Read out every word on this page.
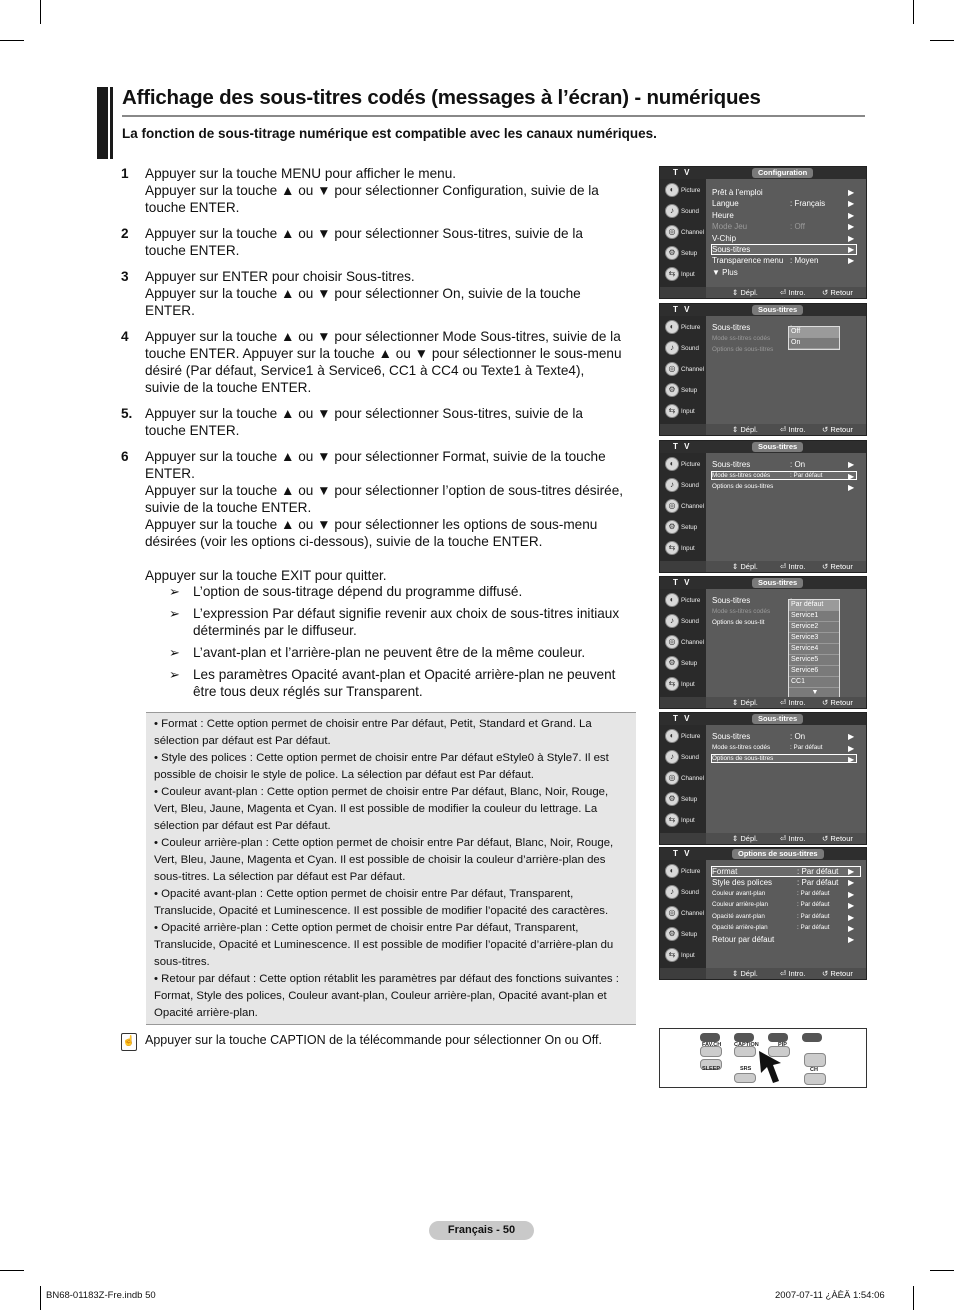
Affichage des sous-titres codés (messages à l’écran) - numériques
La fonction de sous-titrage numérique est compatible avec les canaux numériques.
1 Appuyer sur la touche MENU pour afficher le menu.
Appuyer sur la touche ▲ ou ▼ pour sélectionner Configuration, suivie de la
touche ENTER.
2 Appuyer sur la touche ▲ ou ▼ pour sélectionner Sous-titres, suivie de la
touche ENTER.
3 Appuyer sur ENTER pour choisir Sous-titres.
Appuyer sur la touche ▲ ou ▼ pour sélectionner On, suivie de la touche
ENTER.
4 Appuyer sur la touche ▲ ou ▼ pour sélectionner Mode Sous-titres, suivie de la
touche ENTER. Appuyer sur la touche ▲ ou ▼ pour sélectionner le sous-menu
désiré (Par défaut, Service1 à Service6, CC1 à CC4 ou Texte1 à Texte4),
suivie de la touche ENTER.
5. Appuyer sur la touche ▲ ou ▼ pour sélectionner Sous-titres, suivie de la
touche ENTER.
6 Appuyer sur la touche ▲ ou ▼ pour sélectionner Format, suivie de la touche
ENTER.
Appuyer sur la touche ▲ ou ▼ pour sélectionner l’option de sous-titres désirée,
suivie de la touche ENTER.
Appuyer sur la touche ▲ ou ▼ pour sélectionner les options de sous-menu
désirées (voir les options ci-dessous), suivie de la touche ENTER.

Appuyer sur la touche EXIT pour quitter.
➢ L’option de sous-titrage dépend du programme diffusé.
➢ L’expression Par défaut signifie revenir aux choix de sous-titres initiaux déterminés par le diffuseur.
➢ L’avant-plan et l’arrière-plan ne peuvent être de la même couleur.
➢ Les paramètres Opacité avant-plan et Opacité arrière-plan ne peuvent être tous deux réglés sur Transparent.

• Format : Cette option permet de choisir entre Par défaut, Petit, Standard et Grand. La sélection par défaut est Par défaut.

• Style des polices : Cette option permet de choisir entre Par défaut eStyle0 à Style7. Il est possible de choisir le style de police. La sélection par défaut est Par défaut.

• Couleur avant-plan : Cette option permet de choisir entre Par défaut, Blanc, Noir, Rouge, Vert, Bleu, Jaune, Magenta et Cyan. Il est possible de modifier la couleur du lettrage. La sélection par défaut est Par défaut.

• Couleur arrière-plan : Cette option permet de choisir entre Par défaut, Blanc, Noir, Rouge, Vert, Bleu, Jaune, Magenta et Cyan. Il est possible de choisir la couleur d’arrière-plan des sous-titres. La sélection par défaut est Par défaut.

• Opacité avant-plan : Cette option permet de choisir entre Par défaut, Transparent, Translucide, Opacité et Luminescence. Il est possible de modifier l’opacité des caractères.

• Opacité arrière-plan : Cette option permet de choisir entre Par défaut, Transparent, Translucide, Opacité et Luminescence. Il est possible de modifier l’opacité d’arrière-plan du sous-titres.

• Retour par défaut : Cette option rétablit les paramètres par défaut des fonctions suivantes : Format, Style des polices, Couleur avant-plan, Couleur arrière-plan, Opacité avant-plan et Opacité arrière-plan.

☝ Appuyer sur la touche CAPTION de la télécommande pour sélectionner On ou Off.
T V	Configuration
◐	Picture
♪	Sound
◎ Channel
⚙ Setup
⇆ Input
Prêt à l’emploi	▶
Langue	: Français	▶
Heure	▶
Mode Jeu	: Off	▶
V-Chip	▶
Sous-titres	▶
Transparence menu : Moyen	▶
▼ Plus
⇕ Dépl.	⏎ Intro. ↺ Retour
T V	Sous-titres
◐	Picture
♪	Sound
◎ Channel
⚙ Setup
⇆ Input
Sous-titres
Mode ss-titres codés
Options de sous-titres
Off
On
⇕ Dépl.	⏎ Intro. ↺ Retour
T V	Sous-titres
◐	Picture
♪	Sound
◎ Channel
⚙ Setup
⇆ Input
Sous-titres	: On	▶
Mode ss-titres codés	: Par défaut	▶
Options de sous-titres	▶
⇕ Dépl.	⏎ Intro. ↺ Retour
T V	Sous-titres
◐	Picture
♪	Sound
◎ Channel
⚙ Setup
⇆ Input
Sous-titres
Mode ss-titres codés
Options de sous-tit
Par défaut
Service1
Service2
Service3
Service4
Service5
Service6
CC1
▼
⇕ Dépl.	⏎ Intro. ↺ Retour
T V	Sous-titres
◐	Picture
♪	Sound
◎ Channel
⚙ Setup
⇆ Input
Sous-titres	: On	▶
Mode ss-titres codés	: Par défaut	▶
Options de sous-titres	▶
⇕ Dépl.	⏎ Intro. ↺ Retour
T V	Options de sous-titres
◐	Picture
♪	Sound
◎ Channel
⚙ Setup
⇆ Input
Format	: Par défaut ▶
Style des polices	: Par défaut ▶
Couleur avant-plan	: Par défaut ▶
Couleur arrière-plan	: Par défaut ▶
Opacité avant-plan	: Par défaut ▶
Opacité arrière-plan	: Par défaut ▶
Retour par défaut	▶
⇕ Dépl.	⏎ Intro. ↺ Retour
FAV.CH CAPTION	PIP
SLEEP	SRS	CH
Français - 50
BN68-01183Z-Fre.indb 50	2007-07-11 ¿ÀÈÄ 1:54:06
